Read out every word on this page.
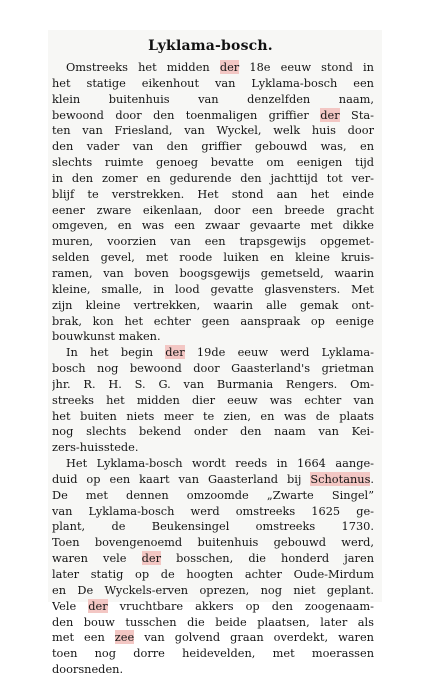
Lyklama-bosch.
Omstreeks het midden der 18e eeuw stond in
het statige eikenhout van Lyklama-bosch een
klein buitenhuis van denzelfden naam,
bewoond door den toenmaligen griffier der Sta-
ten van Friesland, van Wyckel, welk huis door
den vader van den griffier gebouwd was, en
slechts ruimte genoeg bevatte om eenigen tijd
in den zomer en gedurende den jachttijd tot ver-
blijf te verstrekken. Het stond aan het einde
eener zware eikenlaan, door een breede gracht
omgeven, en was een zwaar gevaarte met dikke
muren, voorzien van een trapsgewijs opgemet-
selden gevel, met roode luiken en kleine kruis-
ramen, van boven boogsgewijs gemetseld, waarin
kleine, smalle, in lood gevatte glasvensters. Met
zijn kleine vertrekken, waarin alle gemak ont-
brak, kon het echter geen aanspraak op eenige
bouwkunst maken.
In het begin der 19de eeuw werd Lyklama-
bosch nog bewoond door Gaasterland's grietman
jhr. R. H. S. G. van Burmania Rengers. Om-
streeks het midden dier eeuw was echter van
het buiten niets meer te zien, en was de plaats
nog slechts bekend onder den naam van Kei-
zers-huisstede.
Het Lyklama-bosch wordt reeds in 1664 aange-
duid op een kaart van Gaasterland bij Schotanus.
De met dennen omzoomde „Zwarte Singel”
van Lyklama-bosch werd omstreeks 1625 ge-
plant, de Beukensingel omstreeks 1730.
Toen bovengenoemd buitenhuis gebouwd werd,
waren vele der bosschen, die honderd jaren
later statig op de hoogten achter Oude-Mirdum
en De Wyckels-erven oprezen, nog niet geplant.
Vele der vruchtbare akkers op den zoogenaam-
den bouw tusschen die beide plaatsen, later als
met een zee van golvend graan overdekt, waren
toen nog dorre heidevelden, met moerassen
doorsneden.
